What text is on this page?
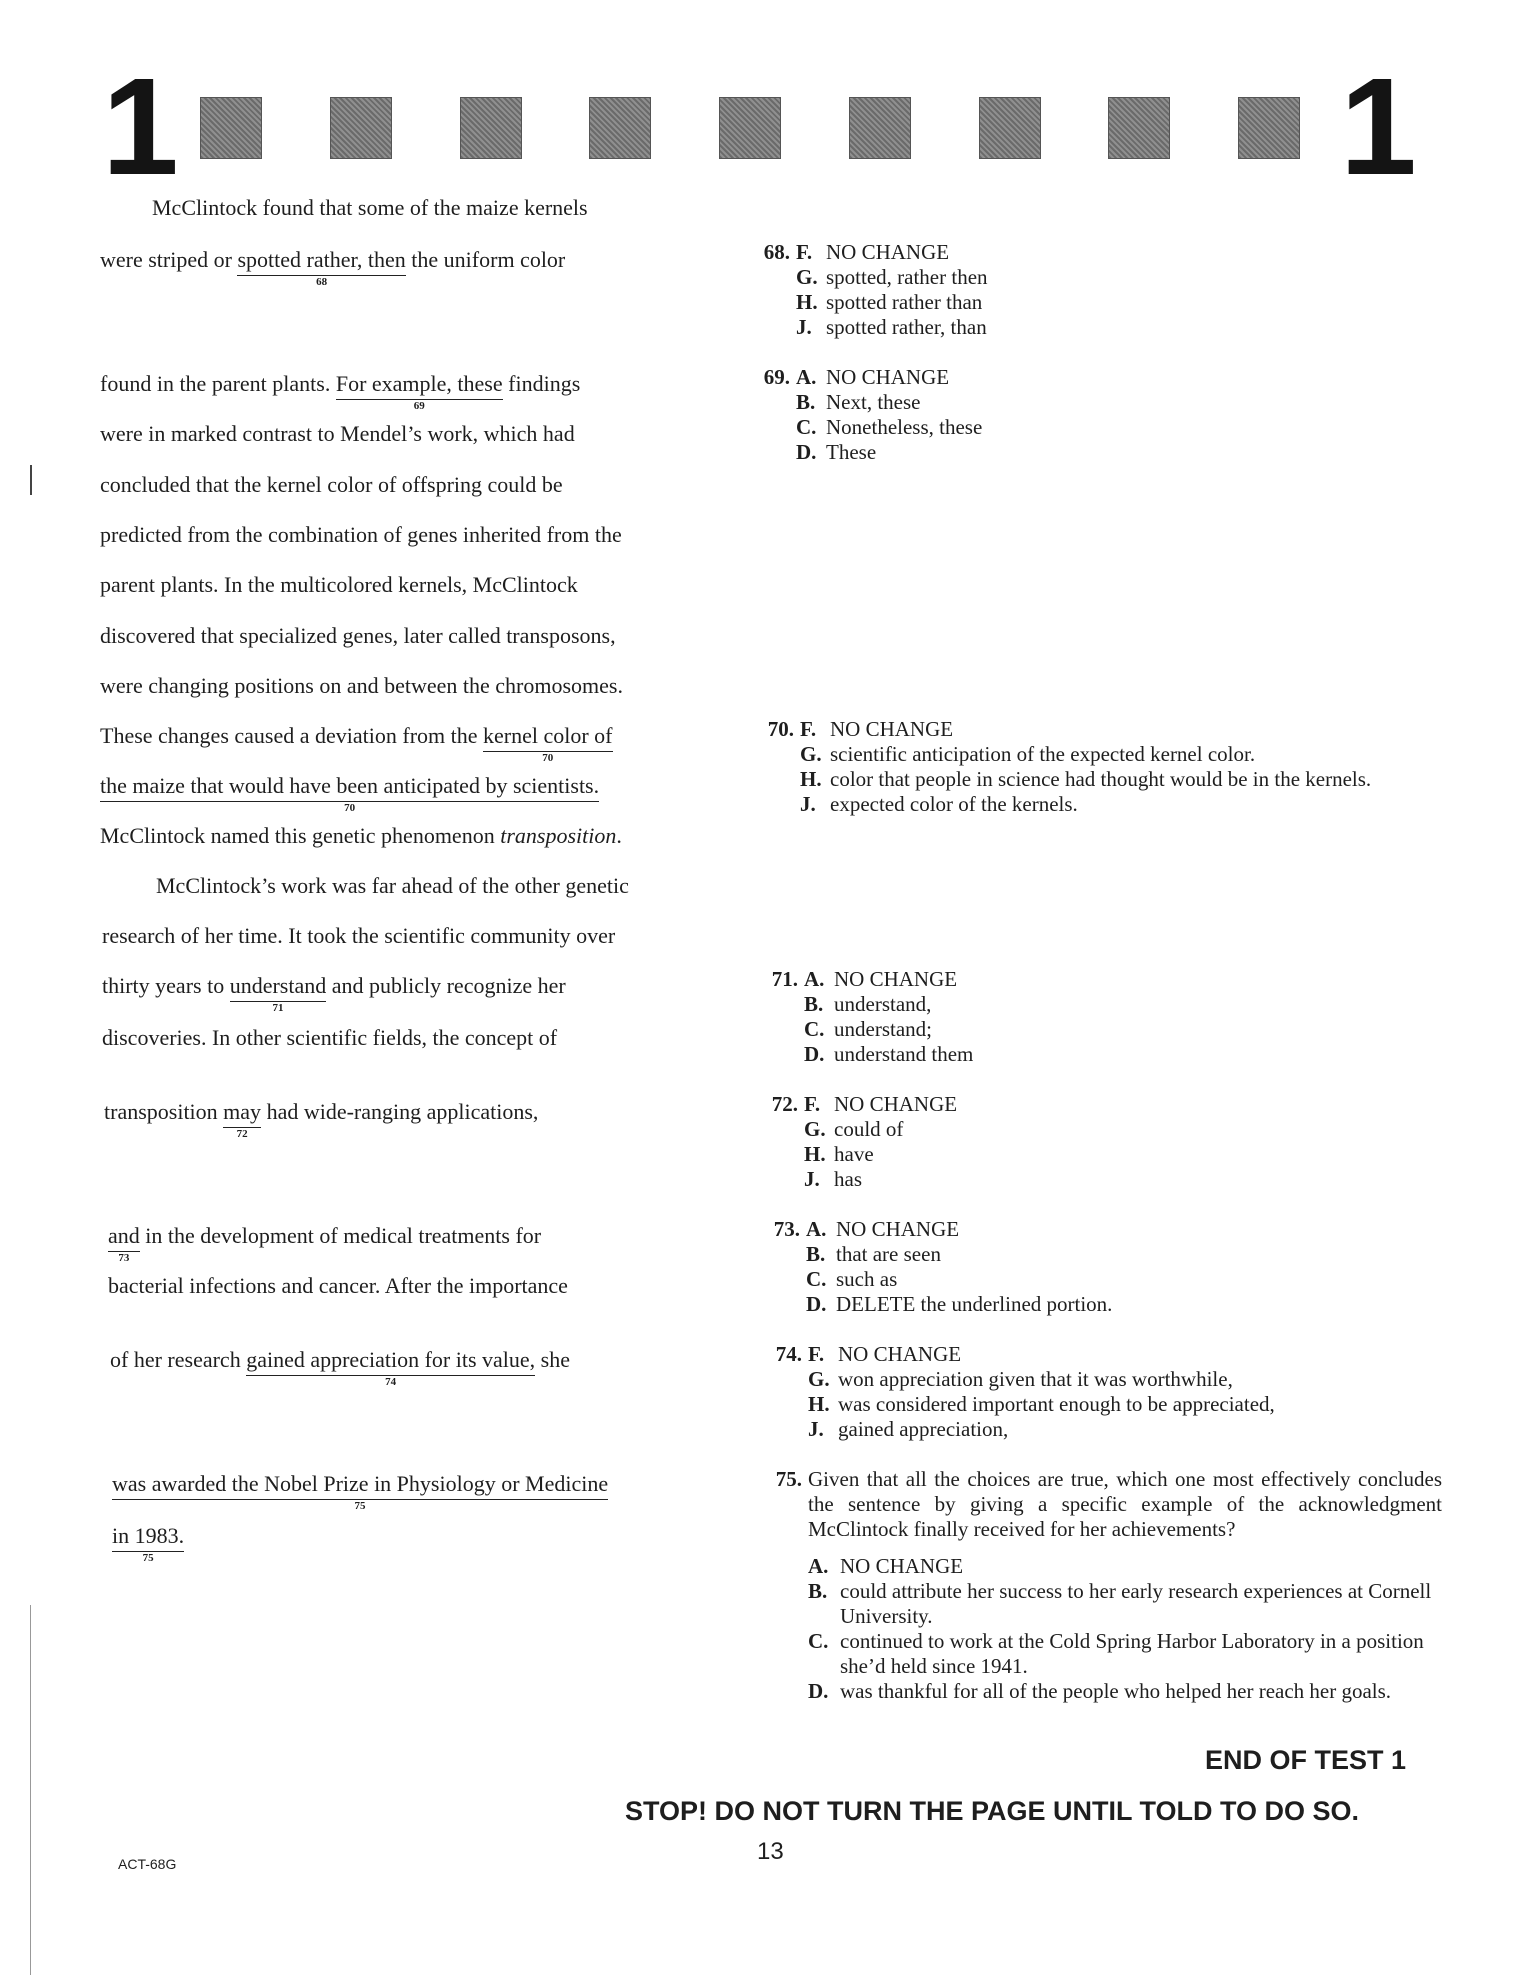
1	1
McClintock found that some of the maize kernels
were striped or spotted rather, then
68
the uniform color
found in the parent plants. For example, these
69
findings
were in marked contrast to Mendel’s work, which had
concluded that the kernel color of offspring could be
predicted from the combination of genes inherited from the
parent plants. In the multicolored kernels, McClintock
discovered that specialized genes, later called transposons,
were changing positions on and between the chromosomes.
These changes caused a deviation from the kernel color of
70
the maize that would have been anticipated by scientists.
70
McClintock named this genetic phenomenon transposition.
McClintock’s work was far ahead of the other genetic
research of her time. It took the scientific community over
thirty years to understand
71
and publicly recognize her
discoveries. In other scientific fields, the concept of
transposition may
72
had wide-ranging applications,
and
73
in the development of medical treatments for
bacterial infections and cancer. After the importance
of her research gained appreciation for its value,
74
she
was awarded the Nobel Prize in Physiology or Medicine
75
in 1983.
75
68. F. NO CHANGE
G. spotted, rather then
H. spotted rather than
J. spotted rather, than
69. A. NO CHANGE
B. Next, these
C. Nonetheless, these
D. These
70. F. NO CHANGE
G. scientific anticipation of the expected kernel color.
H. color that people in science had thought would be in the kernels.
J. expected color of the kernels.
71. A. NO CHANGE
B. understand,
C. understand;
D. understand them
72. F. NO CHANGE
G. could of
H. have
J. has
73. A. NO CHANGE
B. that are seen
C. such as
D. DELETE the underlined portion.
74. F. NO CHANGE
G. won appreciation given that it was worthwhile,
H. was considered important enough to be appreciated,
J. gained appreciation,
75. Given that all the choices are true, which one most effectively concludes the sentence by giving a specific example of the acknowledgment McClintock finally received for her achievements?
A. NO CHANGE
B. could attribute her success to her early research experiences at Cornell University.
C. continued to work at the Cold Spring Harbor Laboratory in a position she’d held since 1941.
D. was thankful for all of the people who helped her reach her goals.
END OF TEST 1
STOP! DO NOT TURN THE PAGE UNTIL TOLD TO DO SO.
13
ACT-68G
